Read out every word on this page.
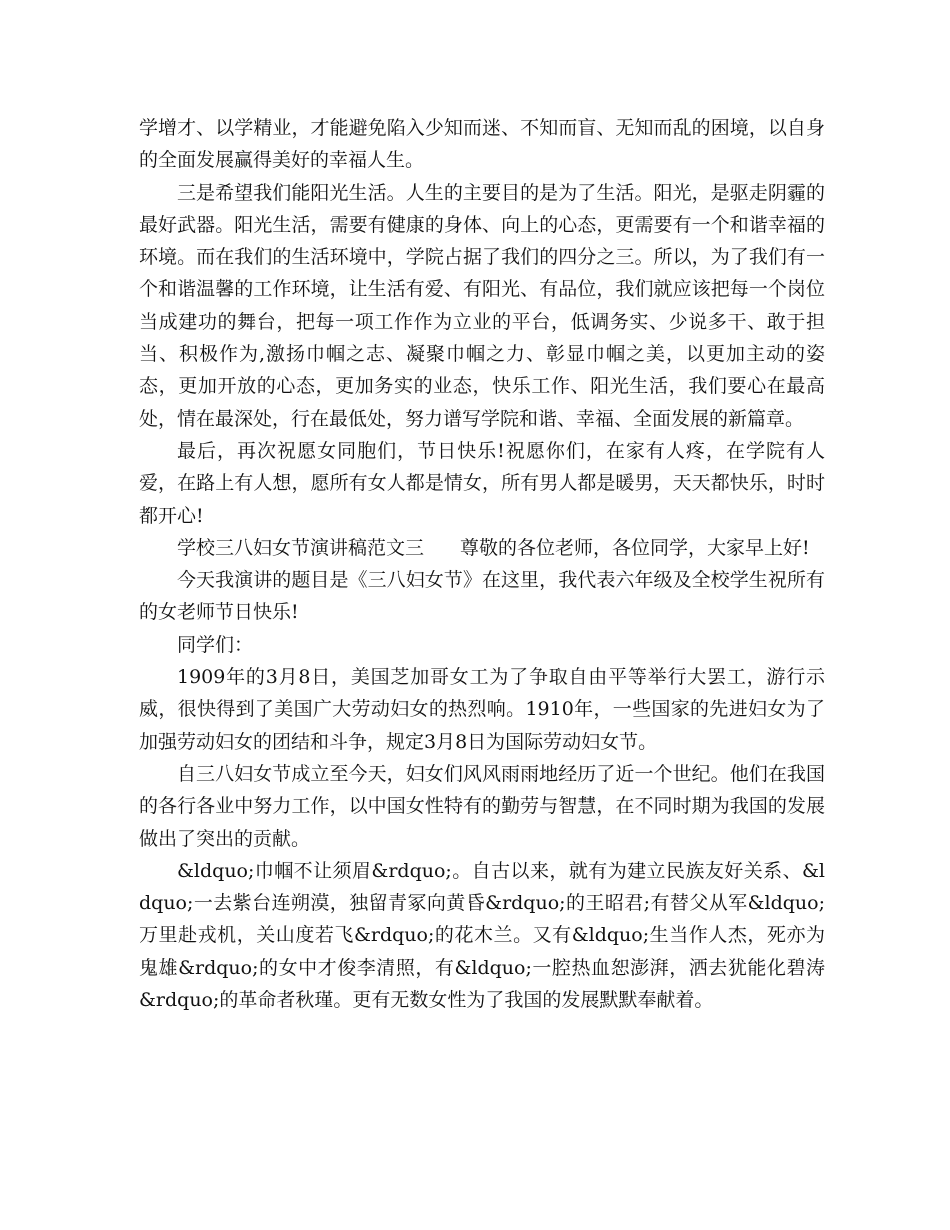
学增才、以学精业，才能避免陷入少知而迷、不知而盲、无知而乱的困境，以自身的全面发展赢得美好的幸福人生。

三是希望我们能阳光生活。人生的主要目的是为了生活。阳光，是驱走阴霾的最好武器。阳光生活，需要有健康的身体、向上的心态，更需要有一个和谐幸福的环境。而在我们的生活环境中，学院占据了我们的四分之三。所以，为了我们有一个和谐温馨的工作环境，让生活有爱、有阳光、有品位，我们就应该把每一个岗位当成建功的舞台，把每一项工作作为立业的平台，低调务实、少说多干、敢于担当、积极作为,激扬巾帼之志、凝聚巾帼之力、彰显巾帼之美，以更加主动的姿态，更加开放的心态，更加务实的业态，快乐工作、阳光生活，我们要心在最高处，情在最深处，行在最低处，努力谱写学院和谐、幸福、全面发展的新篇章。

最后，再次祝愿女同胞们，节日快乐!祝愿你们，在家有人疼，在学院有人爱，在路上有人想，愿所有女人都是情女，所有男人都是暖男，天天都快乐，时时都开心!

学校三八妇女节演讲稿范文三 尊敬的各位老师，各位同学，大家早上好!

今天我演讲的题目是《三八妇女节》在这里，我代表六年级及全校学生祝所有的女老师节日快乐!

同学们：

1909年的3月8日，美国芝加哥女工为了争取自由平等举行大罢工，游行示威，很快得到了美国广大劳动妇女的热烈响。1910年，一些国家的先进妇女为了加强劳动妇女的团结和斗争，规定3月8日为国际劳动妇女节。

自三八妇女节成立至今天，妇女们风风雨雨地经历了近一个世纪。他们在我国的各行各业中努力工作，以中国女性特有的勤劳与智慧，在不同时期为我国的发展做出了突出的贡献。

&ldquo;巾帼不让须眉&rdquo;。自古以来，就有为建立民族友好关系、&ldquo;一去紫台连朔漠，独留青冢向黄昏&rdquo;的王昭君;有替父从军&ldquo;万里赴戎机，关山度若飞&rdquo;的花木兰。又有&ldquo;生当作人杰，死亦为鬼雄&rdquo;的女中才俊李清照，有&ldquo;一腔热血恕澎湃，洒去犹能化碧涛&rdquo;的革命者秋瑾。更有无数女性为了我国的发展默默奉献着。
